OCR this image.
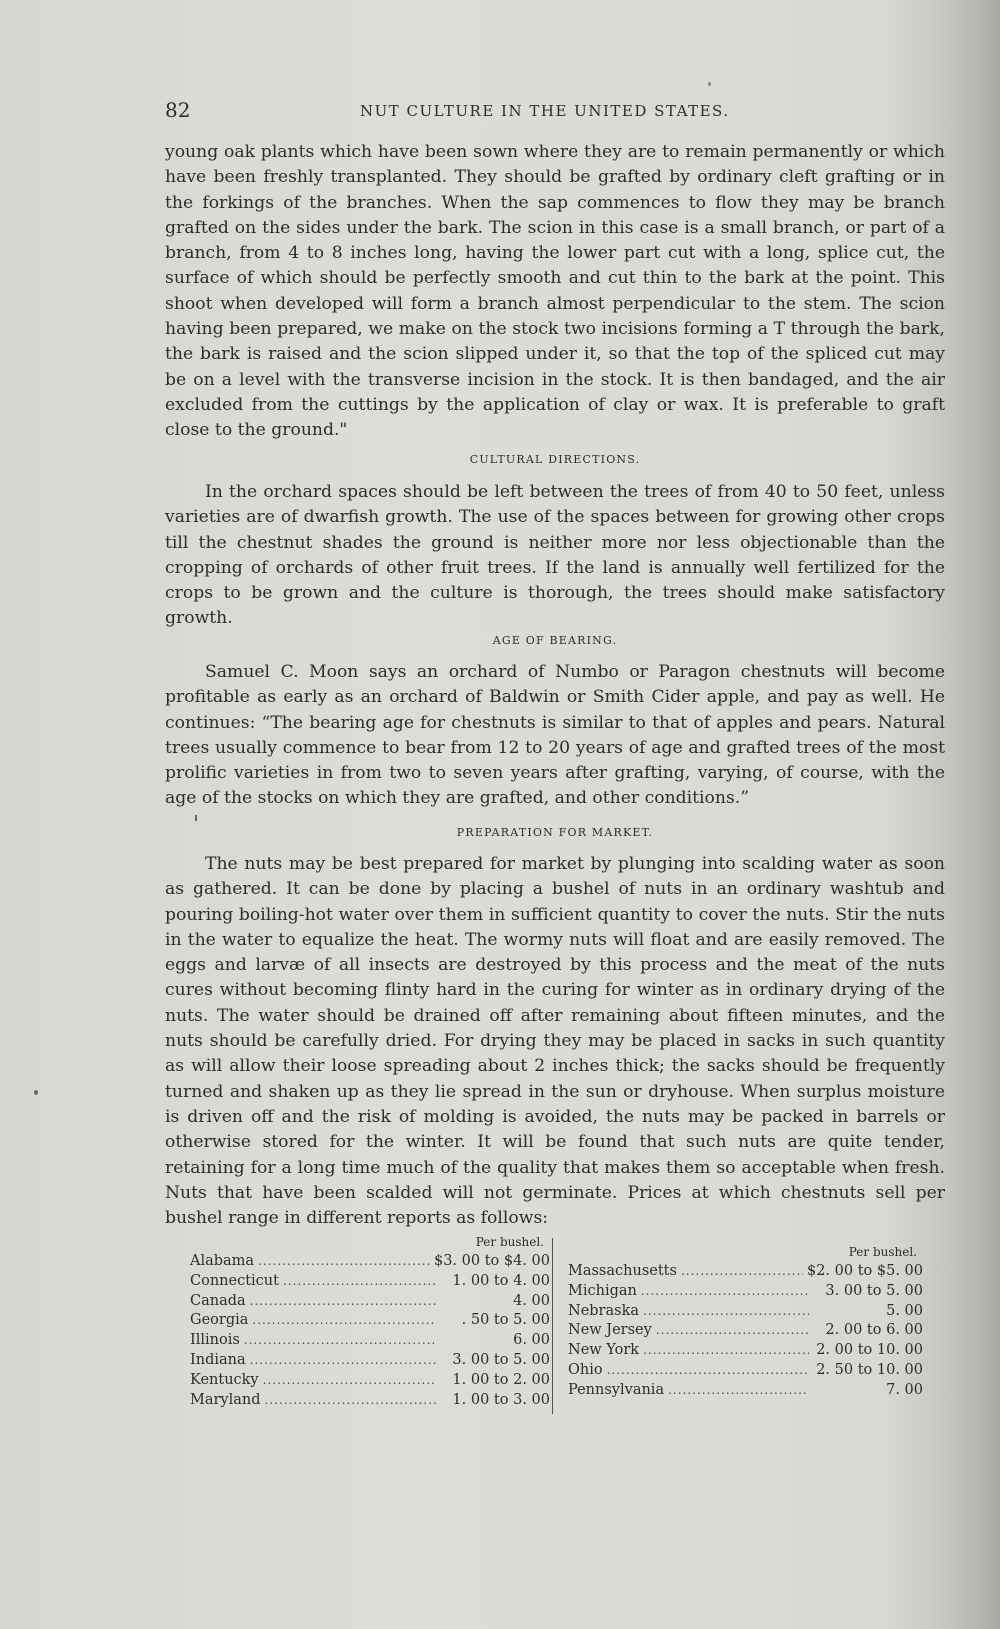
82	NUT CULTURE IN THE UNITED STATES.

young oak plants which have been sown where they are to remain permanently or which have been freshly transplanted. They should be grafted by ordinary cleft grafting or in the forkings of the branches. When the sap commences to flow they may be branch grafted on the sides under the bark. The scion in this case is a small branch, or part of a branch, from 4 to 8 inches long, having the lower part cut with a long, splice cut, the surface of which should be perfectly smooth and cut thin to the bark at the point. This shoot when developed will form a branch almost perpendicular to the stem. The scion having been prepared, we make on the stock two incisions forming a T through the bark, the bark is raised and the scion slipped under it, so that the top of the spliced cut may be on a level with the transverse incision in the stock. It is then bandaged, and the air excluded from the cuttings by the application of clay or wax. It is preferable to graft close to the ground."

CULTURAL DIRECTIONS.

In the orchard spaces should be left between the trees of from 40 to 50 feet, unless varieties are of dwarfish growth. The use of the spaces between for growing other crops till the chestnut shades the ground is neither more nor less objectionable than the cropping of orchards of other fruit trees. If the land is annually well fertilized for the crops to be grown and the culture is thorough, the trees should make satisfactory growth.

AGE OF BEARING.

Samuel C. Moon says an orchard of Numbo or Paragon chestnuts will become profitable as early as an orchard of Baldwin or Smith Cider apple, and pay as well. He continues: “The bearing age for chestnuts is similar to that of apples and pears. Natural trees usually commence to bear from 12 to 20 years of age and grafted trees of the most prolific varieties in from two to seven years after grafting, varying, of course, with the age of the stocks on which they are grafted, and other conditions.”

PREPARATION FOR MARKET.

The nuts may be best prepared for market by plunging into scalding water as soon as gathered. It can be done by placing a bushel of nuts in an ordinary washtub and pouring boiling-hot water over them in sufficient quantity to cover the nuts. Stir the nuts in the water to equalize the heat. The wormy nuts will float and are easily removed. The eggs and larvæ of all insects are destroyed by this process and the meat of the nuts cures without becoming flinty hard in the curing for winter as in ordinary drying of the nuts. The water should be drained off after remaining about fifteen minutes, and the nuts should be carefully dried. For drying they may be placed in sacks in such quantity as will allow their loose spreading about 2 inches thick; the sacks should be frequently turned and shaken up as they lie spread in the sun or dryhouse. When surplus moisture is driven off and the risk of molding is avoided, the nuts may be packed in barrels or otherwise stored for the winter. It will be found that such nuts are quite tender, retaining for a long time much of the quality that makes them so acceptable when fresh. Nuts that have been scalded will not germinate. Prices at which chestnuts sell per bushel range in different reports as follows:

Per bushel.
Alabama .....	$3. 00 to $4. 00
Connecticut .....	1. 00 to 4. 00
Canada .....	4. 00
Georgia .....	. 50 to 5. 00
Illinois .....	6. 00
Indiana .....	3. 00 to 5. 00
Kentucky .....	1. 00 to 2. 00
Maryland .....	1. 00 to 3. 00
Per bushel.
Massachusetts .....	$2. 00 to $5. 00
Michigan .....	3. 00 to 5. 00
Nebraska .....	5. 00
New Jersey .....	2. 00 to 6. 00
New York .....	2. 00 to 10. 00
Ohio .....	2. 50 to 10. 00
Pennsylvania .....	7. 00
